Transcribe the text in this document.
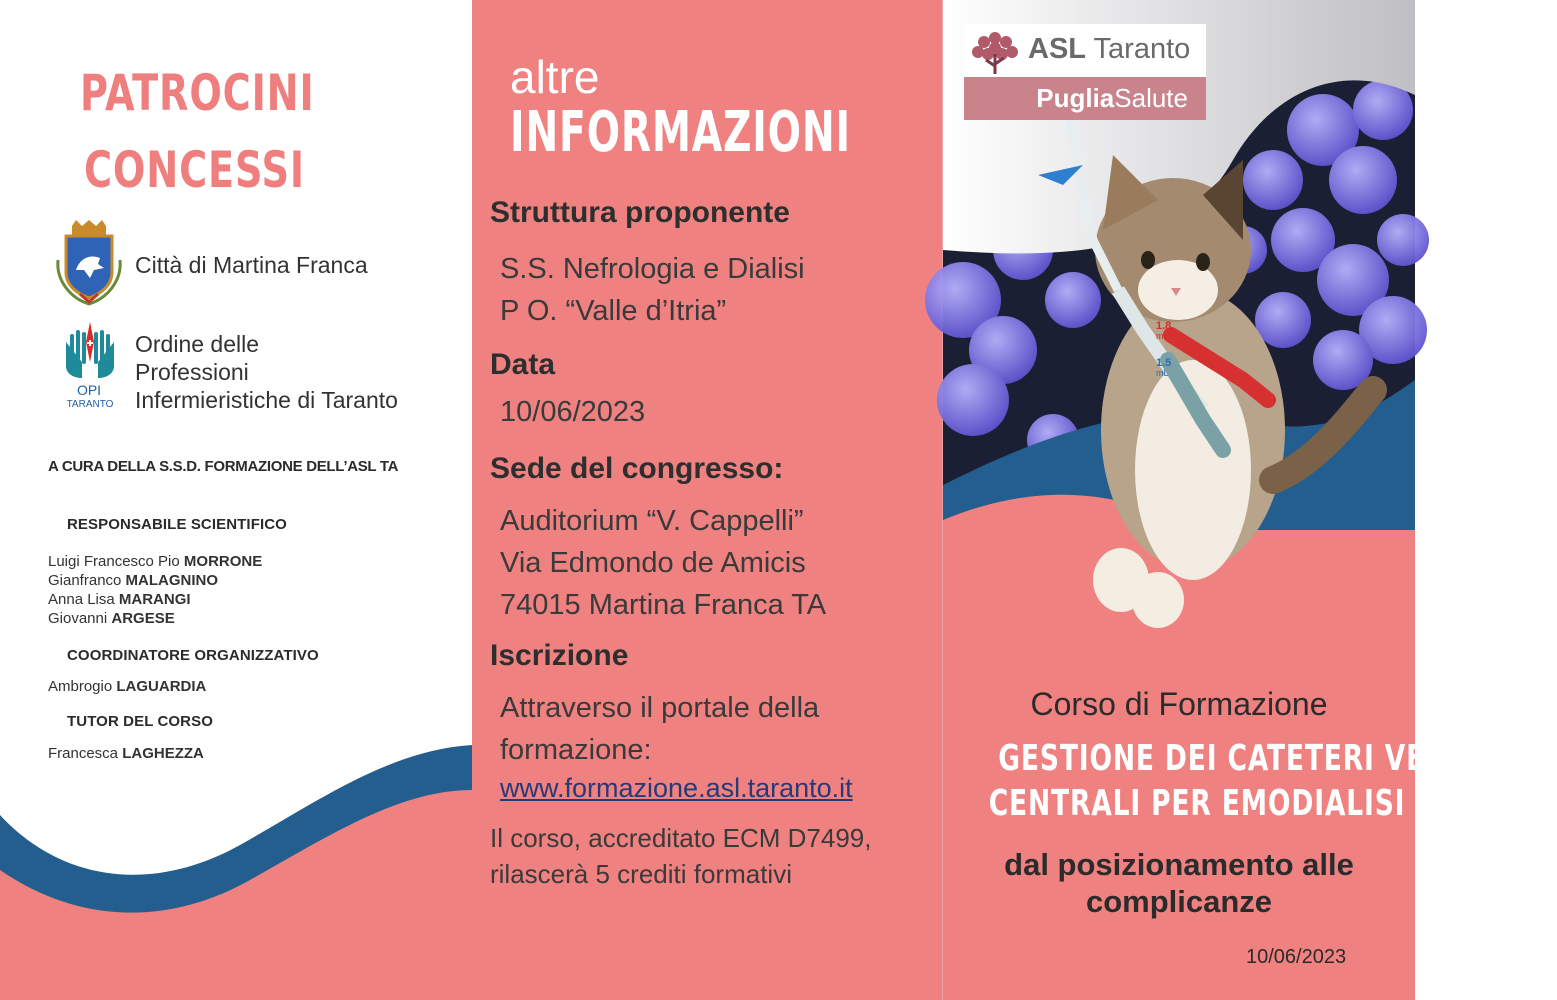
PATROCINI
CONCESSI
Città di Martina Franca
OPI
TARANTO
Ordine delle
Professioni
Infermieristiche di Taranto
A CURA DELLA S.S.D. FORMAZIONE DELL’ASL TA
RESPONSABILE SCIENTIFICO
Luigi Francesco Pio MORRONE
Gianfranco MALAGNINO
Anna Lisa MARANGI
Giovanni ARGESE
COORDINATORE ORGANIZZATIVO
Ambrogio LAGUARDIA
TUTOR DEL CORSO
Francesca LAGHEZZA
altre
INFORMAZIONI
Struttura proponente
S.S. Nefrologia e Dialisi
P O. “Valle d’Itria”
Data
10/06/2023
Sede del congresso:
Auditorium “V. Cappelli”
Via Edmondo de Amicis
74015 Martina Franca TA
Iscrizione
Attraverso il portale della
formazione:
www.formazione.asl.taranto.it
Il corso, accreditato ECM D7499,
rilascerà 5 crediti formativi
1.8
mL
1.5
mL
ASL Taranto
PugliaSalute
Corso di Formazione
GESTIONE DEI CATETERI VENOSI CENTRALI PER EMODIALISI
dal posizionamento alle
complicanze
10/06/2023
